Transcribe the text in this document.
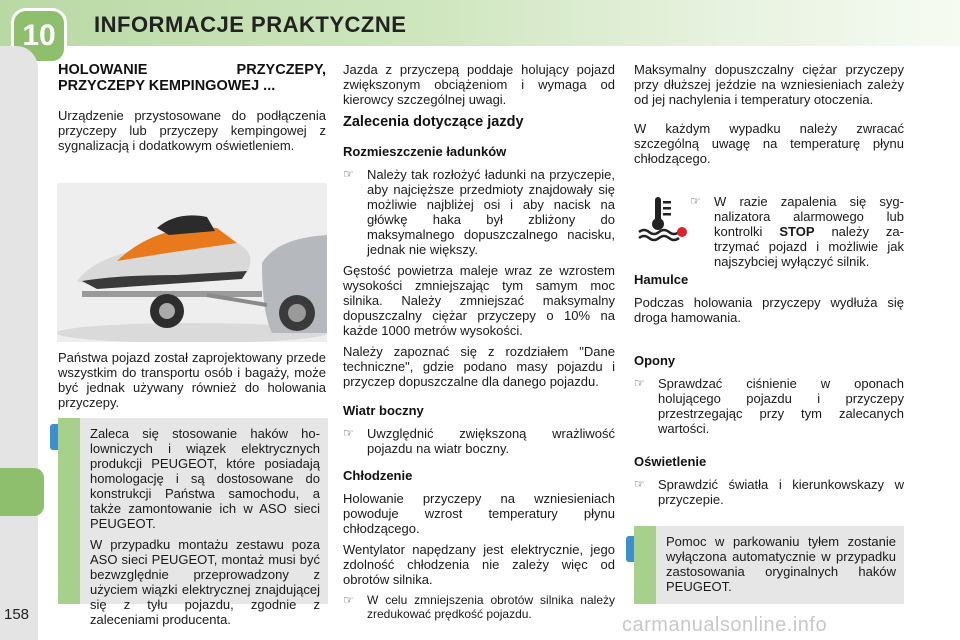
10	INFORMACJE PRAKTYCZNE
158	carmanualsonline.info
HOLOWANIE PRZYCZEPY, PRZYCZEPY KEMPINGOWEJ ...

Urządzenie przystosowane do podłączenia przyczepy lub przyczepy kempingowej z sygnalizacją i dodatkowym oświetleniem.

Państwa pojazd został zaprojektowany przede wszystkim do transportu osób i bagaży, może być jednak używany również do holowania przyczepy.

Zaleca się stosowanie haków holowniczych i wiązek elektrycznych produkcji PEUGEOT, które posiadają homologację i są dostosowane do konstrukcji Państwa samochodu, a także zamontowanie ich w ASO sieci PEUGEOT.

W przypadku montażu zestawu poza ASO sieci PEUGEOT, montaż musi być bezwzględnie przeprowadzony z użyciem wiązki elektrycznej znajdującej się z tyłu pojazdu, zgodnie z zaleceniami producenta.

Jazda z przyczepą poddaje holujący pojazd zwiększonym obciążeniom i wymaga od kierowcy szczególnej uwagi.

Zalecenia dotyczące jazdy
Rozmieszczenie ładunków
☞ Należy tak rozłożyć ładunki na przyczepie, aby najcięższe przedmioty znajdowały się możliwie najbliżej osi i aby nacisk na główkę haka był zbliżony do maksymalnego dopuszczalnego nacisku, jednak nie większy.

Gęstość powietrza maleje wraz ze wzrostem wysokości zmniejszając tym samym moc silnika. Należy zmniejszać maksymalny dopuszczalny ciężar przyczepy o 10% na każde 1000 metrów wysokości.

Należy zapoznać się z rozdziałem "Dane techniczne", gdzie podano masy pojazdu i przyczep dopuszczalne dla danego pojazdu.

Wiatr boczny
☞ Uwzględnić zwiększoną wrażliwość pojazdu na wiatr boczny.
Chłodzenie

Holowanie przyczepy na wzniesieniach powoduje wzrost temperatury płynu chłodzącego.

Wentylator napędzany jest elektrycznie, jego zdolność chłodzenia nie zależy więc od obrotów silnika.

☞ W celu zmniejszenia obrotów silnika należy zredukować prędkość pojazdu.

Maksymalny dopuszczalny ciężar przyczepy przy dłuższej jeździe na wzniesieniach zależy od jej nachylenia i temperatury otoczenia.

W każdym wypadku należy zwracać szczególną uwagę na temperaturę płynu chłodzącego.

☞ W razie zapalenia się sygnalizatora alarmowego lub kontrolki STOP należy zatrzymać pojazd i możliwie jak najszybciej wyłączyć silnik.
Hamulce

Podczas holowania przyczepy wydłuża się droga hamowania.

Opony
☞ Sprawdzać ciśnienie w oponach holującego pojazdu i przyczepy przestrzegając przy tym zalecanych wartości.
Oświetlenie
☞ Sprawdzić światła i kierunkowskazy w przyczepie.

Pomoc w parkowaniu tyłem zostanie wyłączona automatycznie w przypadku zastosowania oryginalnych haków PEUGEOT.
